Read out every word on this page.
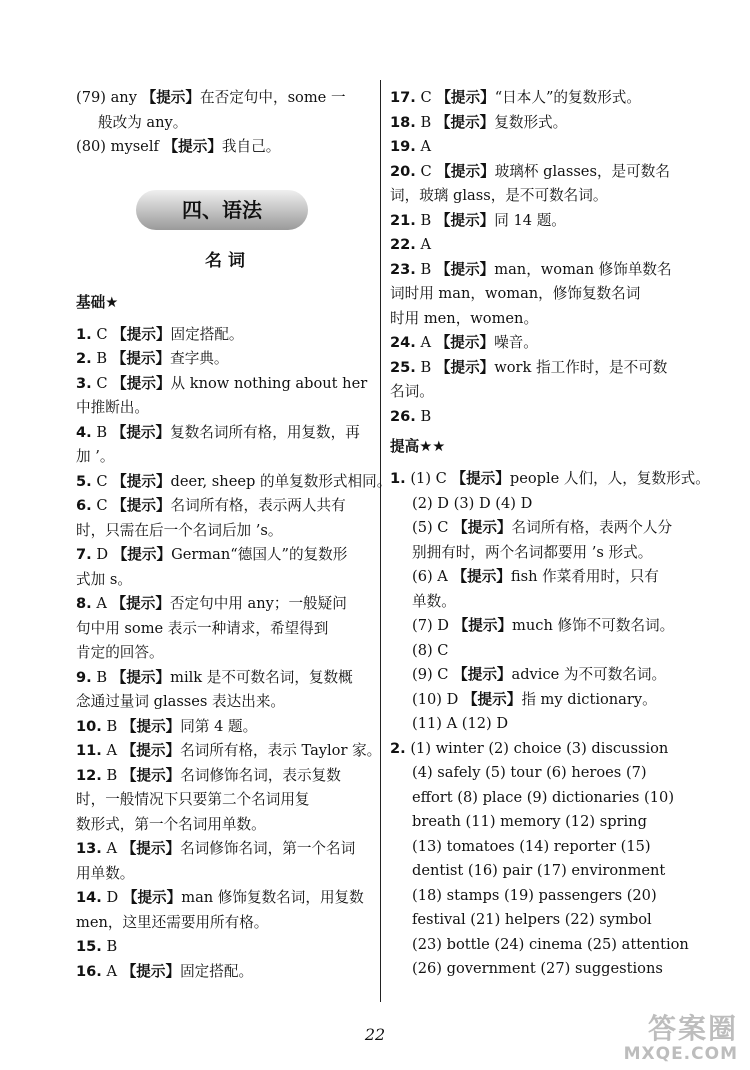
(79) any 【提示】在否定句中，some 一

般改为 any。

(80) myself 【提示】我自己。

四、语法
名 词
基础★

1. C 【提示】固定搭配。

2. B 【提示】查字典。

3. C 【提示】从 know nothing about her

中推断出。

4. B 【提示】复数名词所有格，用复数，再

加 ’。

5. C 【提示】deer, sheep 的单复数形式相同。

6. C 【提示】名词所有格，表示两人共有

时，只需在后一个名词后加 ’s。

7. D 【提示】German“德国人”的复数形

式加 s。

8. A 【提示】否定句中用 any；一般疑问

句中用 some 表示一种请求，希望得到

肯定的回答。

9. B 【提示】milk 是不可数名词，复数概

念通过量词 glasses 表达出来。

10. B 【提示】同第 4 题。

11. A 【提示】名词所有格，表示 Taylor 家。

12. B 【提示】名词修饰名词，表示复数

时，一般情况下只要第二个名词用复

数形式，第一个名词用单数。

13. A 【提示】名词修饰名词，第一个名词

用单数。

14. D 【提示】man 修饰复数名词，用复数

men，这里还需要用所有格。

15. B

16. A 【提示】固定搭配。

17. C 【提示】“日本人”的复数形式。

18. B 【提示】复数形式。

19. A

20. C 【提示】玻璃杯 glasses，是可数名

词，玻璃 glass，是不可数名词。

21. B 【提示】同 14 题。

22. A

23. B 【提示】man，woman 修饰单数名

词时用 man，woman，修饰复数名词

时用 men，women。

24. A 【提示】噪音。

25. B 【提示】work 指工作时，是不可数

名词。

26. B

提高★★

1. (1) C 【提示】people 人们，人，复数形式。

(2) D (3) D (4) D

(5) C 【提示】名词所有格，表两个人分

别拥有时，两个名词都要用 ’s 形式。

(6) A 【提示】fish 作菜肴用时，只有

单数。

(7) D 【提示】much 修饰不可数名词。

(8) C

(9) C 【提示】advice 为不可数名词。

(10) D 【提示】指 my dictionary。

(11) A (12) D

2. (1) winter (2) choice (3) discussion

(4) safely (5) tour (6) heroes (7)

effort (8) place (9) dictionaries (10)

breath (11) memory (12) spring

(13) tomatoes (14) reporter (15)

dentist (16) pair (17) environment

(18) stamps (19) passengers (20)

festival (21) helpers (22) symbol

(23) bottle (24) cinema (25) attention

(26) government (27) suggestions

22	答案圈
MXQE.COM
